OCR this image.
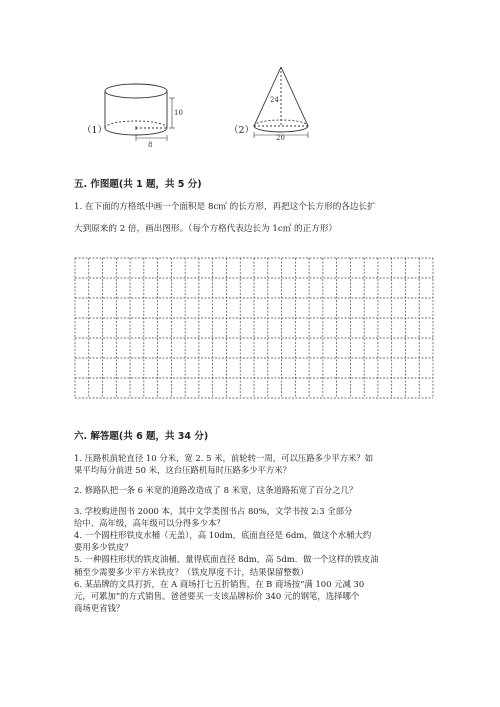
10
8
（1）
24
20
（2）
五. 作图题(共 1 题，共 5 分)

1. 在下面的方格纸中画一个面积是 8c㎡ 的长方形，再把这个长方形的各边长扩

大到原来的 2 倍，画出图形。（每个方格代表边长为 1c㎡ 的正方形）

六. 解答题(共 6 题，共 34 分)

1. 压路机前轮直径 10 分米，宽 2. 5 米，前轮转一周，可以压路多少平方米？如

果平均每分前进 50 米，这台压路机每时压路多少平方米？

2. 修路队把一条 6 米宽的道路改造成了 8 米宽，这条道路拓宽了百分之几？

3. 学校购进图书 2000 本，其中文学类图书占 80%，文学书按 2:3 全部分

给中、高年级，高年级可以分得多少本？

4. 一个圆柱形铁皮水桶（无盖），高 10dm，底面直径是 6dm，做这个水桶大约

要用多少铁皮？

5. 一种圆柱形状的铁皮油桶，量得底面直径 8dm，高 5dm．做一个这样的铁皮油

桶至少需要多少平方米铁皮？（铁皮厚度不计，结果保留整数）

6. 某品牌的文具打折，在 A 商场打七五折销售，在 B 商场按“满 100 元减 30

元，可累加”的方式销售。爸爸要买一支该品牌标价 340 元的钢笔，选择哪个

商场更省钱？
